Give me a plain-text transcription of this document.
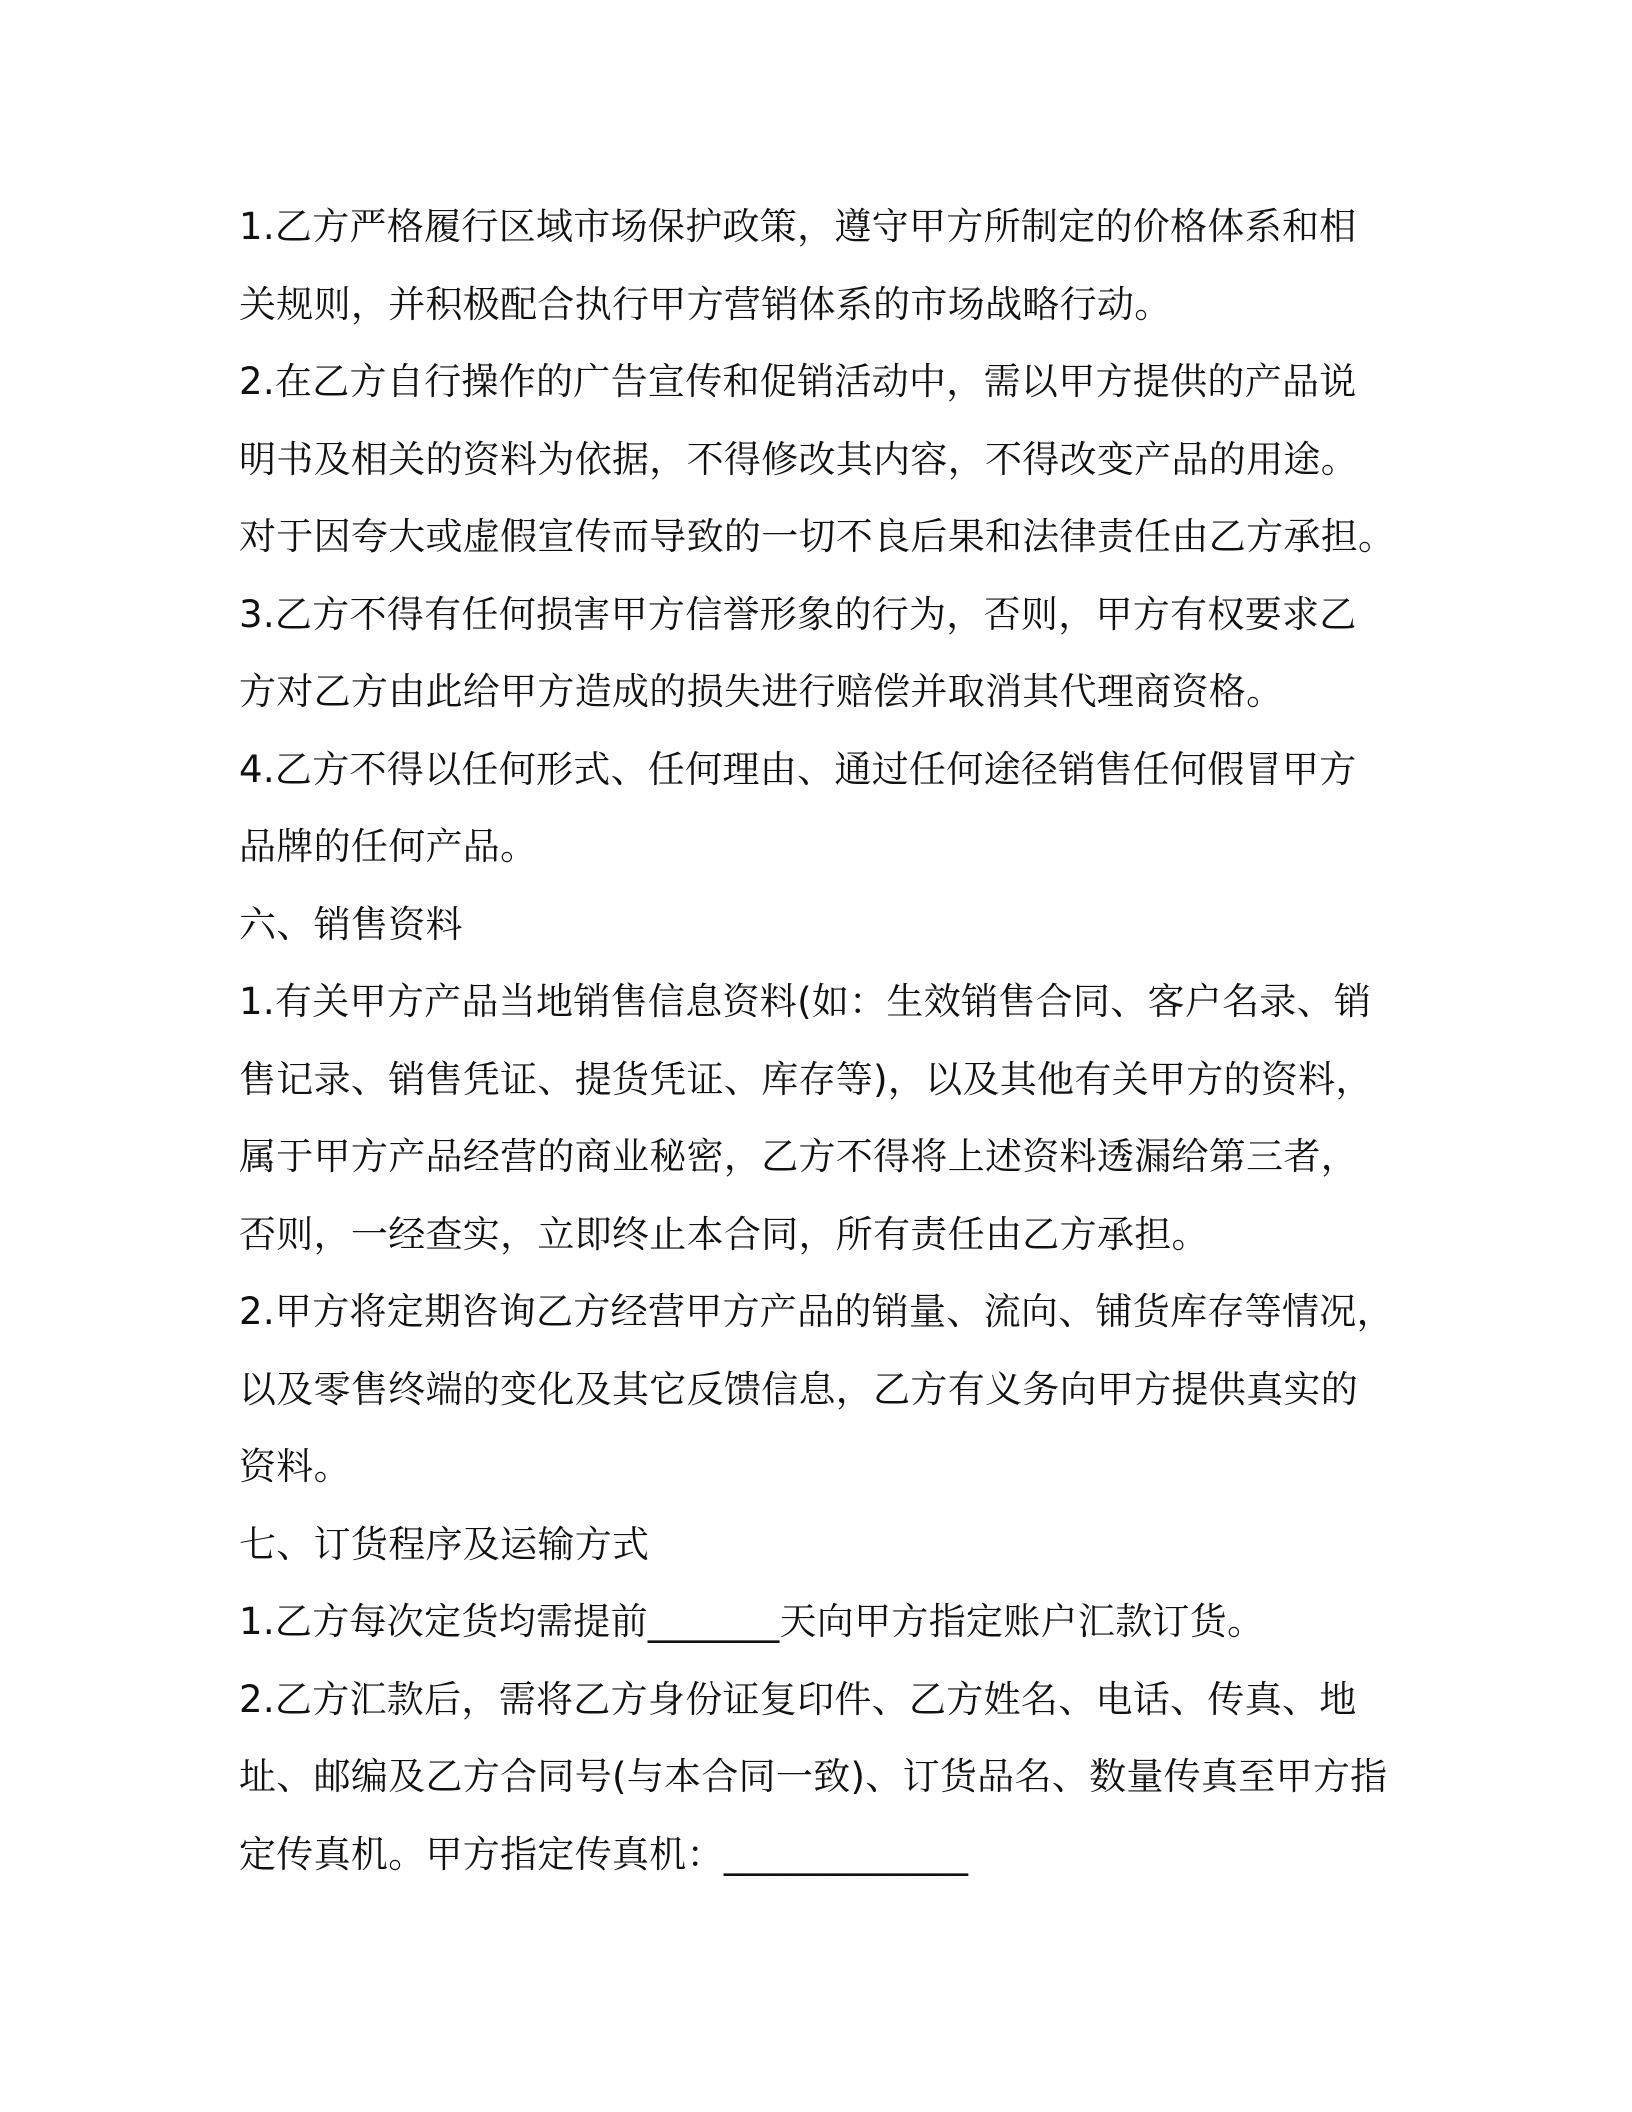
1.乙方严格履行区域市场保护政策，遵守甲方所制定的价格体系和相
关规则，并积极配合执行甲方营销体系的市场战略行动。
2.在乙方自行操作的广告宣传和促销活动中，需以甲方提供的产品说
明书及相关的资料为依据，不得修改其内容，不得改变产品的用途。
对于因夸大或虚假宣传而导致的一切不良后果和法律责任由乙方承担。
3.乙方不得有任何损害甲方信誉形象的行为，否则，甲方有权要求乙
方对乙方由此给甲方造成的损失进行赔偿并取消其代理商资格。
4.乙方不得以任何形式、任何理由、通过任何途径销售任何假冒甲方
品牌的任何产品。
六、销售资料
1.有关甲方产品当地销售信息资料(如：生效销售合同、客户名录、销
售记录、销售凭证、提货凭证、库存等)，以及其他有关甲方的资料，
属于甲方产品经营的商业秘密，乙方不得将上述资料透漏给第三者，
否则，一经查实，立即终止本合同，所有责任由乙方承担。
2.甲方将定期咨询乙方经营甲方产品的销量、流向、铺货库存等情况，
以及零售终端的变化及其它反馈信息，乙方有义务向甲方提供真实的
资料。
七、订货程序及运输方式
1.乙方每次定货均需提前_______天向甲方指定账户汇款订货。
2.乙方汇款后，需将乙方身份证复印件、乙方姓名、电话、传真、地
址、邮编及乙方合同号(与本合同一致)、订货品名、数量传真至甲方指
定传真机。甲方指定传真机：_____________
